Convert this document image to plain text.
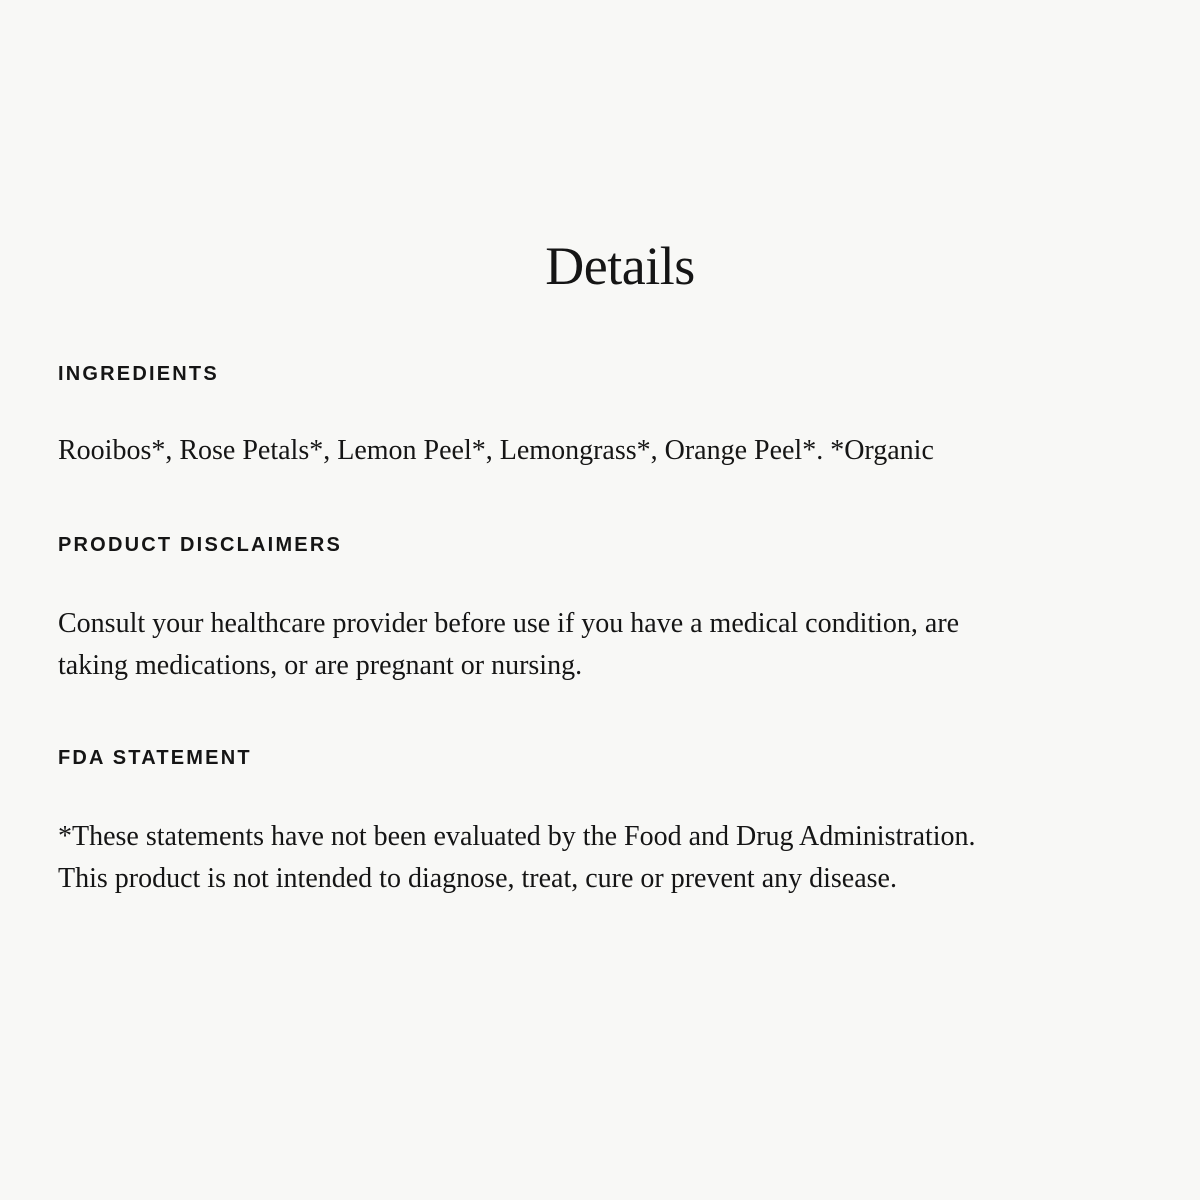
Details
INGREDIENTS

Rooibos*, Rose Petals*, Lemon Peel*, Lemongrass*, Orange Peel*. *Organic

PRODUCT DISCLAIMERS

Consult your healthcare provider before use if you have a medical condition, are
taking medications, or are pregnant or nursing.

FDA STATEMENT

*These statements have not been evaluated by the Food and Drug Administration.
This product is not intended to diagnose, treat, cure or prevent any disease.
